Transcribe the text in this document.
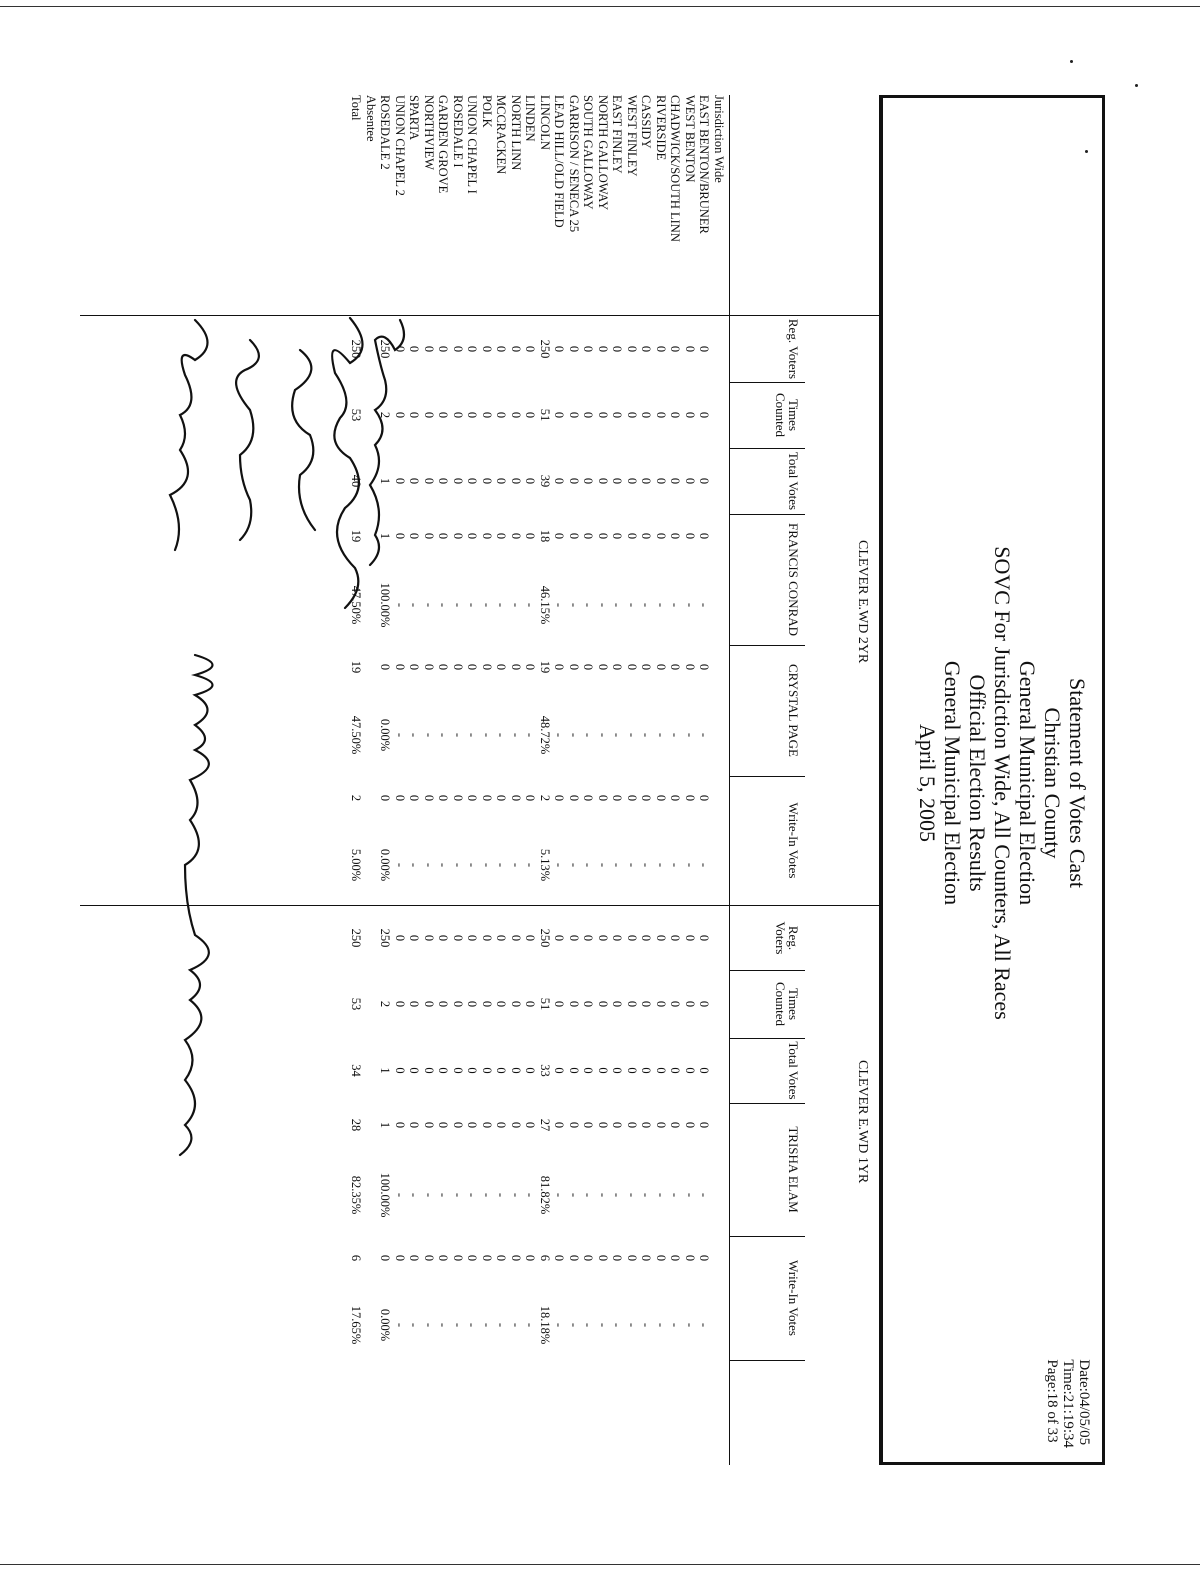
Statement of Votes Cast
Christian County
General Municipal Election
SOVC For Jurisdiction Wide, All Counters, All Races
Official Election Results
General Municipal Election
April 5, 2005
Date:04/05/05
Time:21:19:34
Page:18 of 33
CLEVER E.WD 2YR
CLEVER E.WD 1YR
Reg. Voters
Times Counted
Total Votes
FRANCIS CONRAD
CRYSTAL PAGE
Write-In Votes
Reg. Voters
Times Counted
Total Votes
TRISHA ELAM
Write-In Votes
Jurisdiction Wide
EAST BENTON/BRUNER
WEST BENTON
CHADWICK/SOUTH LINN
RIVERSIDE
CASSIDY
WEST FINLEY
EAST FINLEY
NORTH GALLOWAY
SOUTH GALLOWAY
GARRISON / SENECA 25
LEAD HILL/OLD FIELD
LINCOLN
LINDEN
NORTH LINN
MCCRACKEN
POLK
UNION CHAPEL I
ROSEDALE I
GARDEN GROVE
NORTHVIEW
SPARTA
UNION CHAPEL 2
ROSEDALE 2
Absentee
Total
0
0
0
0
0
0
0
0
0
0
0
250
0
0
0
0
0
0
0
0
0
0
250
250
0
0
0
0
0
0
0
0
0
0
0
51
0
0
0
0
0
0
0
0
0
0
2
53
0
0
0
0
0
0
0
0
0
0
0
39
0
0
0
0
0
0
0
0
0
0
1
40
0
0
0
0
0
0
0
0
0
0
0
18
0
0
0
0
0
0
0
0
0
0
1
19
-
-
-
-
-
-
-
-
-
-
-
46.15%
-
-
-
-
-
-
-
-
-
-
100.00%
47.50%
0
0
0
0
0
0
0
0
0
0
0
19
0
0
0
0
0
0
0
0
0
0
0
19
-
-
-
-
-
-
-
-
-
-
-
48.72%
-
-
-
-
-
-
-
-
-
-
0.00%
47.50%
0
0
0
0
0
0
0
0
0
0
0
2
0
0
0
0
0
0
0
0
0
0
0
2
-
-
-
-
-
-
-
-
-
-
-
5.13%
-
-
-
-
-
-
-
-
-
-
0.00%
5.00%
0
0
0
0
0
0
0
0
0
0
0
250
0
0
0
0
0
0
0
0
0
0
250
250
0
0
0
0
0
0
0
0
0
0
0
51
0
0
0
0
0
0
0
0
0
0
2
53
0
0
0
0
0
0
0
0
0
0
0
33
0
0
0
0
0
0
0
0
0
0
1
34
0
0
0
0
0
0
0
0
0
0
0
27
0
0
0
0
0
0
0
0
0
0
1
28
-
-
-
-
-
-
-
-
-
-
-
81.82%
-
-
-
-
-
-
-
-
-
-
100.00%
82.35%
0
0
0
0
0
0
0
0
0
0
0
6
0
0
0
0
0
0
0
0
0
0
0
6
-
-
-
-
-
-
-
-
-
-
-
18.18%
-
-
-
-
-
-
-
-
-
-
0.00%
17.65%
